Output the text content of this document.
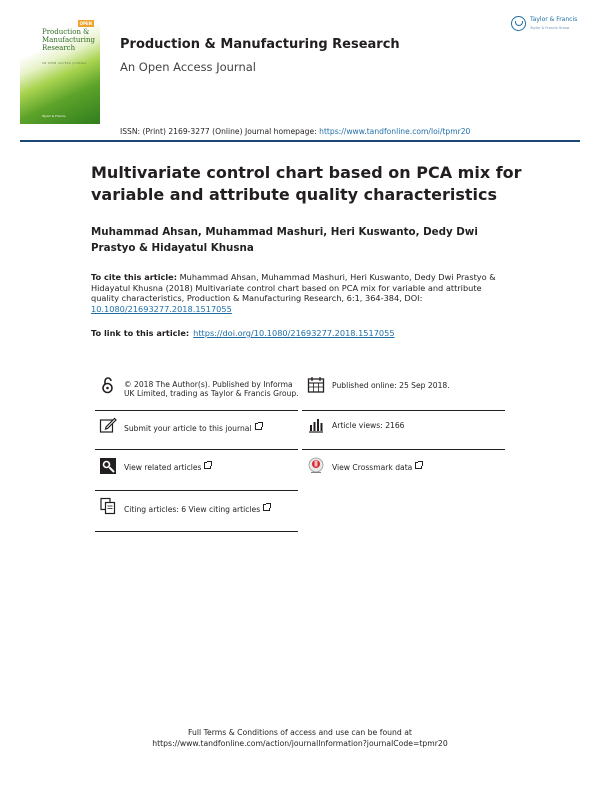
OPEN
Production & Manufacturing Research
AN OPEN ACCESS JOURNAL
Taylor & Francis
Production & Manufacturing Research
An Open Access Journal
ISSN: (Print) 2169-3277 (Online) Journal homepage: https://www.tandfonline.com/loi/tpmr20
Taylor & Francis
Taylor & Francis Group
Multivariate control chart based on PCA mix for variable and attribute quality characteristics
Muhammad Ahsan, Muhammad Mashuri, Heri Kuswanto, Dedy Dwi Prastyo & Hidayatul Khusna
To cite this article: Muhammad Ahsan, Muhammad Mashuri, Heri Kuswanto, Dedy Dwi Prastyo & Hidayatul Khusna (2018) Multivariate control chart based on PCA mix for variable and attribute quality characteristics, Production & Manufacturing Research, 6:1, 364-384, DOI: 10.1080/21693277.2018.1517055
To link to this article: https://doi.org/10.1080/21693277.2018.1517055
© 2018 The Author(s). Published by Informa UK Limited, trading as Taylor & Francis Group.
Published online: 25 Sep 2018.
Submit your article to this journal	Article views: 2166
View related articles	View Crossmark data
Citing articles: 6 View citing articles
Full Terms & Conditions of access and use can be found at
https://www.tandfonline.com/action/journalInformation?journalCode=tpmr20
